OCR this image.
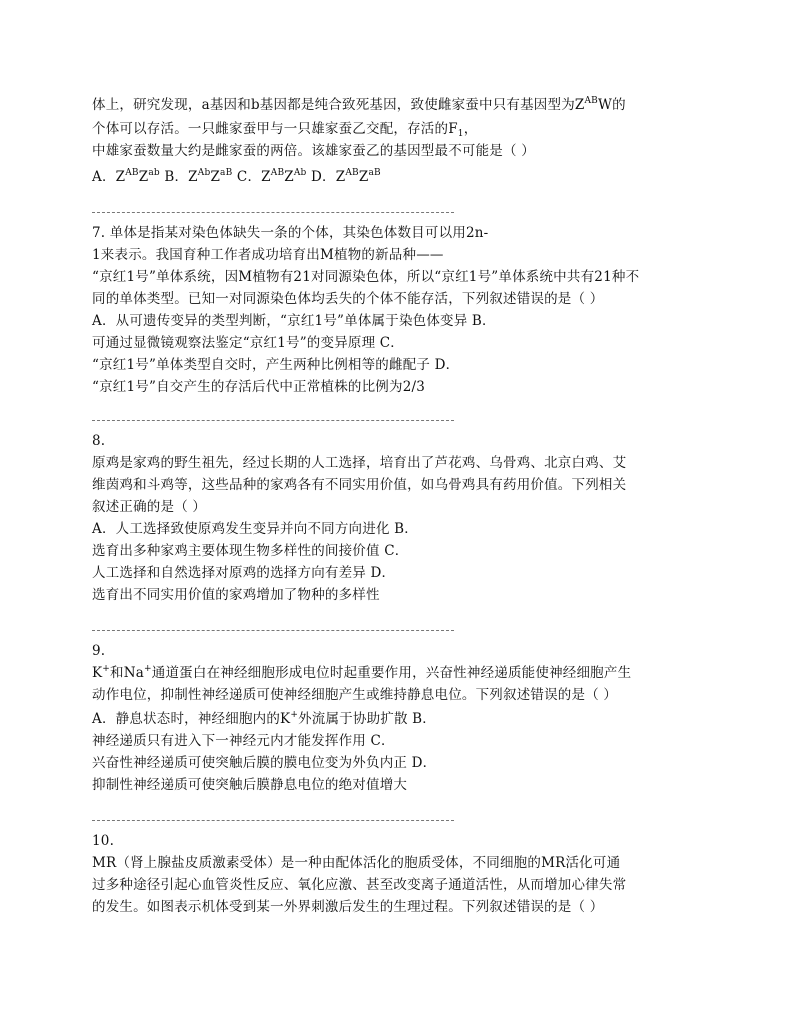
体上，研究发现，a基因和b基因都是纯合致死基因，致使雌家蚕中只有基因型为$Z^{AB}W$的
个体可以存活。一只雌家蚕甲与一只雄家蚕乙交配，存活的$F_1$，
中雄家蚕数量大约是雌家蚕的两倍。该雄家蚕乙的基因型最不可能是（ ）
A．$Z^{AB}Z^{ab}$ B．$Z^{Ab}Z^{aB}$ C．$Z^{AB}Z^{Ab}$ D．$Z^{AB}Z^{aB}$
7. 单体是指某对染色体缺失一条的个体，其染色体数目可以用2n-
1来表示。我国育种工作者成功培育出M植物的新品种——
“京红1号”单体系统，因M植物有21对同源染色体，所以“京红1号”单体系统中共有21种不
同的单体类型。已知一对同源染色体均丢失的个体不能存活，下列叙述错误的是（ ）
A．从可遗传变异的类型判断，“京红1号”单体属于染色体变异 B．
可通过显微镜观察法鉴定“京红1号”的变异原理 C．
“京红1号”单体类型自交时，产生两种比例相等的雌配子 D．
“京红1号”自交产生的存活后代中正常植株的比例为2/3
8.
原鸡是家鸡的野生祖先，经过长期的人工选择，培育出了芦花鸡、乌骨鸡、北京白鸡、艾
维茵鸡和斗鸡等，这些品种的家鸡各有不同实用价值，如乌骨鸡具有药用价值。下列相关
叙述正确的是（ ）
A．人工选择致使原鸡发生变异并向不同方向进化 B．
选育出多种家鸡主要体现生物多样性的间接价值 C．
人工选择和自然选择对原鸡的选择方向有差异 D．
选育出不同实用价值的家鸡增加了物种的多样性
9.
K+和Na+通道蛋白在神经细胞形成电位时起重要作用，兴奋性神经递质能使神经细胞产生
动作电位，抑制性神经递质可使神经细胞产生或维持静息电位。下列叙述错误的是（ ）
A．静息状态时，神经细胞内的K+外流属于协助扩散 B．
神经递质只有进入下一神经元内才能发挥作用 C．
兴奋性神经递质可使突触后膜的膜电位变为外负内正 D．
抑制性神经递质可使突触后膜静息电位的绝对值增大
10.
MR（肾上腺盐皮质激素受体）是一种由配体活化的胞质受体，不同细胞的MR活化可通
过多种途径引起心血管炎性反应、氧化应激、甚至改变离子通道活性，从而增加心律失常
的发生。如图表示机体受到某一外界刺激后发生的生理过程。下列叙述错误的是（ ）
